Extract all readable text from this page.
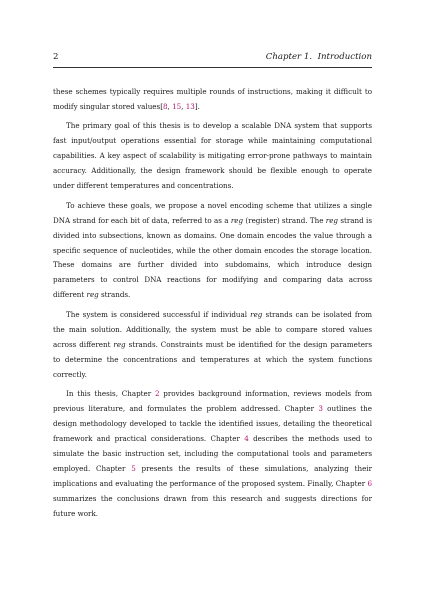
2	Chapter 1. Introduction

these schemes typically requires multiple rounds of instructions, making it difficult to modify singular stored values[8, 15, 13].

The primary goal of this thesis is to develop a scalable DNA system that supports fast input/output operations essential for storage while maintaining computational capabilities. A key aspect of scalability is mitigating error-prone pathways to maintain accuracy. Additionally, the design framework should be flexible enough to operate under different temperatures and concentrations.

To achieve these goals, we propose a novel encoding scheme that utilizes a single DNA strand for each bit of data, referred to as a reg (register) strand. The reg strand is divided into subsections, known as domains. One domain encodes the value through a specific sequence of nucleotides, while the other domain encodes the storage location. These domains are further divided into subdomains, which introduce design parameters to control DNA reactions for modifying and comparing data across different reg strands.

The system is considered successful if individual reg strands can be isolated from the main solution. Additionally, the system must be able to compare stored values across different reg strands. Constraints must be identified for the design parameters to determine the concentrations and temperatures at which the system functions correctly.

In this thesis, Chapter 2 provides background information, reviews models from previous literature, and formulates the problem addressed. Chapter 3 outlines the design methodology developed to tackle the identified issues, detailing the theoretical framework and practical considerations. Chapter 4 describes the methods used to simulate the basic instruction set, including the computational tools and parameters employed. Chapter 5 presents the results of these simulations, analyzing their implications and evaluating the performance of the proposed system. Finally, Chapter 6 summarizes the conclusions drawn from this research and suggests directions for future work.
